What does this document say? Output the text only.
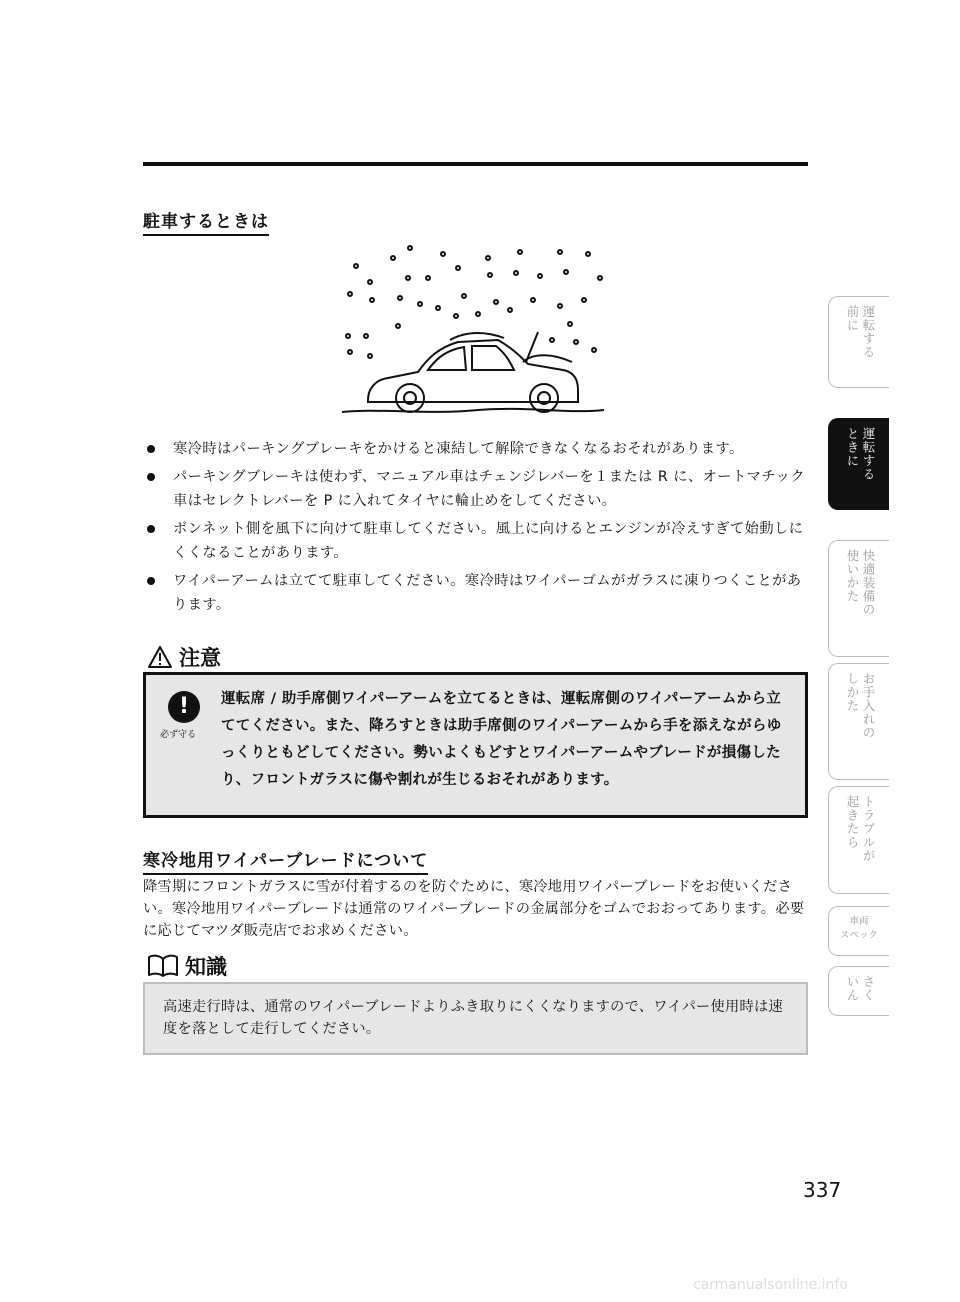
駐車するときは
寒冷時はパーキングブレーキをかけると凍結して解除できなくなるおそれがあります。
パーキングブレーキは使わず、マニュアル車はチェンジレバーを１または R に、オートマチック車はセレクトレバーを P に入れてタイヤに輪止めをしてください。
ボンネット側を風下に向けて駐車してください。風上に向けるとエンジンが冷えすぎて始動しにくくなることがあります。
ワイパーアームは立てて駐車してください。寒冷時はワイパーゴムがガラスに凍りつくことがあります。
注意
!
必ず守る
運転席 / 助手席側ワイパーアームを立てるときは、運転席側のワイパーアームから立ててください。また、降ろすときは助手席側のワイパーアームから手を添えながらゆっくりともどしてください。勢いよくもどすとワイパーアームやブレードが損傷したり、フロントガラスに傷や割れが生じるおそれがあります。
寒冷地用ワイパーブレードについて
降雪期にフロントガラスに雪が付着するのを防ぐために、寒冷地用ワイパーブレードをお使いください。寒冷地用ワイパーブレードは通常のワイパーブレードの金属部分をゴムでおおってあります。必要に応じてマツダ販売店でお求めください。
知識
高速走行時は、通常のワイパーブレードよりふき取りにくくなりますので、ワイパー使用時は速度を落として走行してください。
運転する
前に
運転する
ときに
快適装備の
使いかた
お手入れの
しかた
トラブルが
起きたら
車両
スペック
さく
いん
337
carmanualsonline.info
